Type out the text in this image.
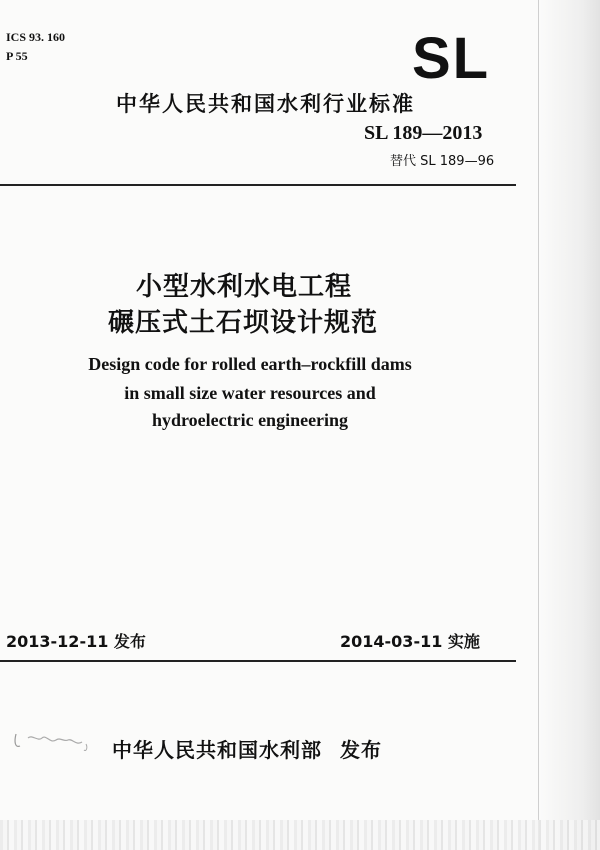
ICS 93. 160
P 55	SL
中华人民共和国水利行业标准
SL 189—2013
替代 SL 189—96
小型水利水电工程
碾压式土石坝设计规范
Design code for rolled earth–rockfill dams
in small size water resources and
hydroelectric engineering
2013-12-11 发布	2014-03-11 实施
中华人民共和国水利部 发布
